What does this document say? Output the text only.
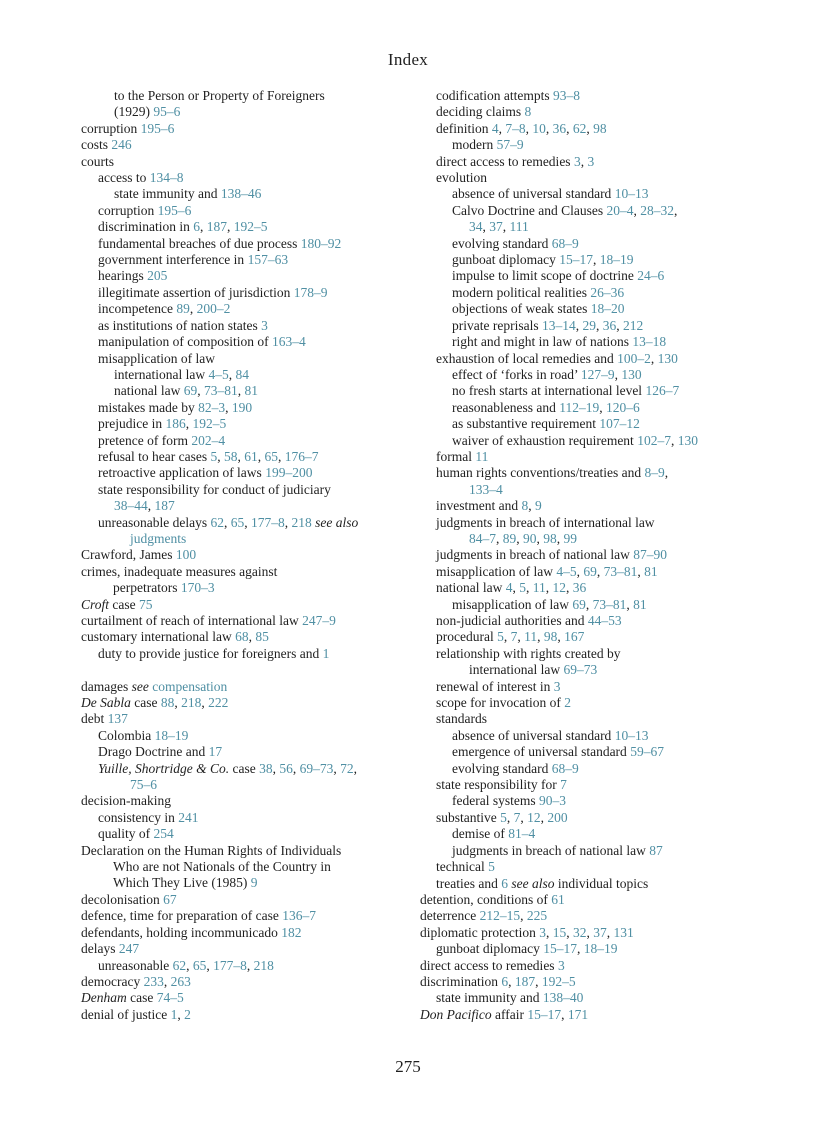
Index
to the Person or Property of Foreigners
(1929) 95–6
corruption 195–6
costs 246
courts
access to 134–8
state immunity and 138–46
corruption 195–6
discrimination in 6, 187, 192–5
fundamental breaches of due process 180–92
government interference in 157–63
hearings 205
illegitimate assertion of jurisdiction 178–9
incompetence 89, 200–2
as institutions of nation states 3
manipulation of composition of 163–4
misapplication of law
international law 4–5, 84
national law 69, 73–81, 81
mistakes made by 82–3, 190
prejudice in 186, 192–5
pretence of form 202–4
refusal to hear cases 5, 58, 61, 65, 176–7
retroactive application of laws 199–200
state responsibility for conduct of judiciary
38–44, 187
unreasonable delays 62, 65, 177–8, 218 see also
judgments
Crawford, James 100
crimes, inadequate measures against
perpetrators 170–3
Croft case 75
curtailment of reach of international law 247–9
customary international law 68, 85
duty to provide justice for foreigners and 1
damages see compensation
De Sabla case 88, 218, 222
debt 137
Colombia 18–19
Drago Doctrine and 17
Yuille, Shortridge & Co. case 38, 56, 69–73, 72,
75–6
decision-making
consistency in 241
quality of 254
Declaration on the Human Rights of Individuals
Who are not Nationals of the Country in
Which They Live (1985) 9
decolonisation 67
defence, time for preparation of case 136–7
defendants, holding incommunicado 182
delays 247
unreasonable 62, 65, 177–8, 218
democracy 233, 263
Denham case 74–5
denial of justice 1, 2
codification attempts 93–8
deciding claims 8
definition 4, 7–8, 10, 36, 62, 98
modern 57–9
direct access to remedies 3, 3
evolution
absence of universal standard 10–13
Calvo Doctrine and Clauses 20–4, 28–32,
34, 37, 111
evolving standard 68–9
gunboat diplomacy 15–17, 18–19
impulse to limit scope of doctrine 24–6
modern political realities 26–36
objections of weak states 18–20
private reprisals 13–14, 29, 36, 212
right and might in law of nations 13–18
exhaustion of local remedies and 100–2, 130
effect of ‘forks in road’ 127–9, 130
no fresh starts at international level 126–7
reasonableness and 112–19, 120–6
as substantive requirement 107–12
waiver of exhaustion requirement 102–7, 130
formal 11
human rights conventions/treaties and 8–9,
133–4
investment and 8, 9
judgments in breach of international law
84–7, 89, 90, 98, 99
judgments in breach of national law 87–90
misapplication of law 4–5, 69, 73–81, 81
national law 4, 5, 11, 12, 36
misapplication of law 69, 73–81, 81
non-judicial authorities and 44–53
procedural 5, 7, 11, 98, 167
relationship with rights created by
international law 69–73
renewal of interest in 3
scope for invocation of 2
standards
absence of universal standard 10–13
emergence of universal standard 59–67
evolving standard 68–9
state responsibility for 7
federal systems 90–3
substantive 5, 7, 12, 200
demise of 81–4
judgments in breach of national law 87
technical 5
treaties and 6 see also individual topics
detention, conditions of 61
deterrence 212–15, 225
diplomatic protection 3, 15, 32, 37, 131
gunboat diplomacy 15–17, 18–19
direct access to remedies 3
discrimination 6, 187, 192–5
state immunity and 138–40
Don Pacifico affair 15–17, 171
275
